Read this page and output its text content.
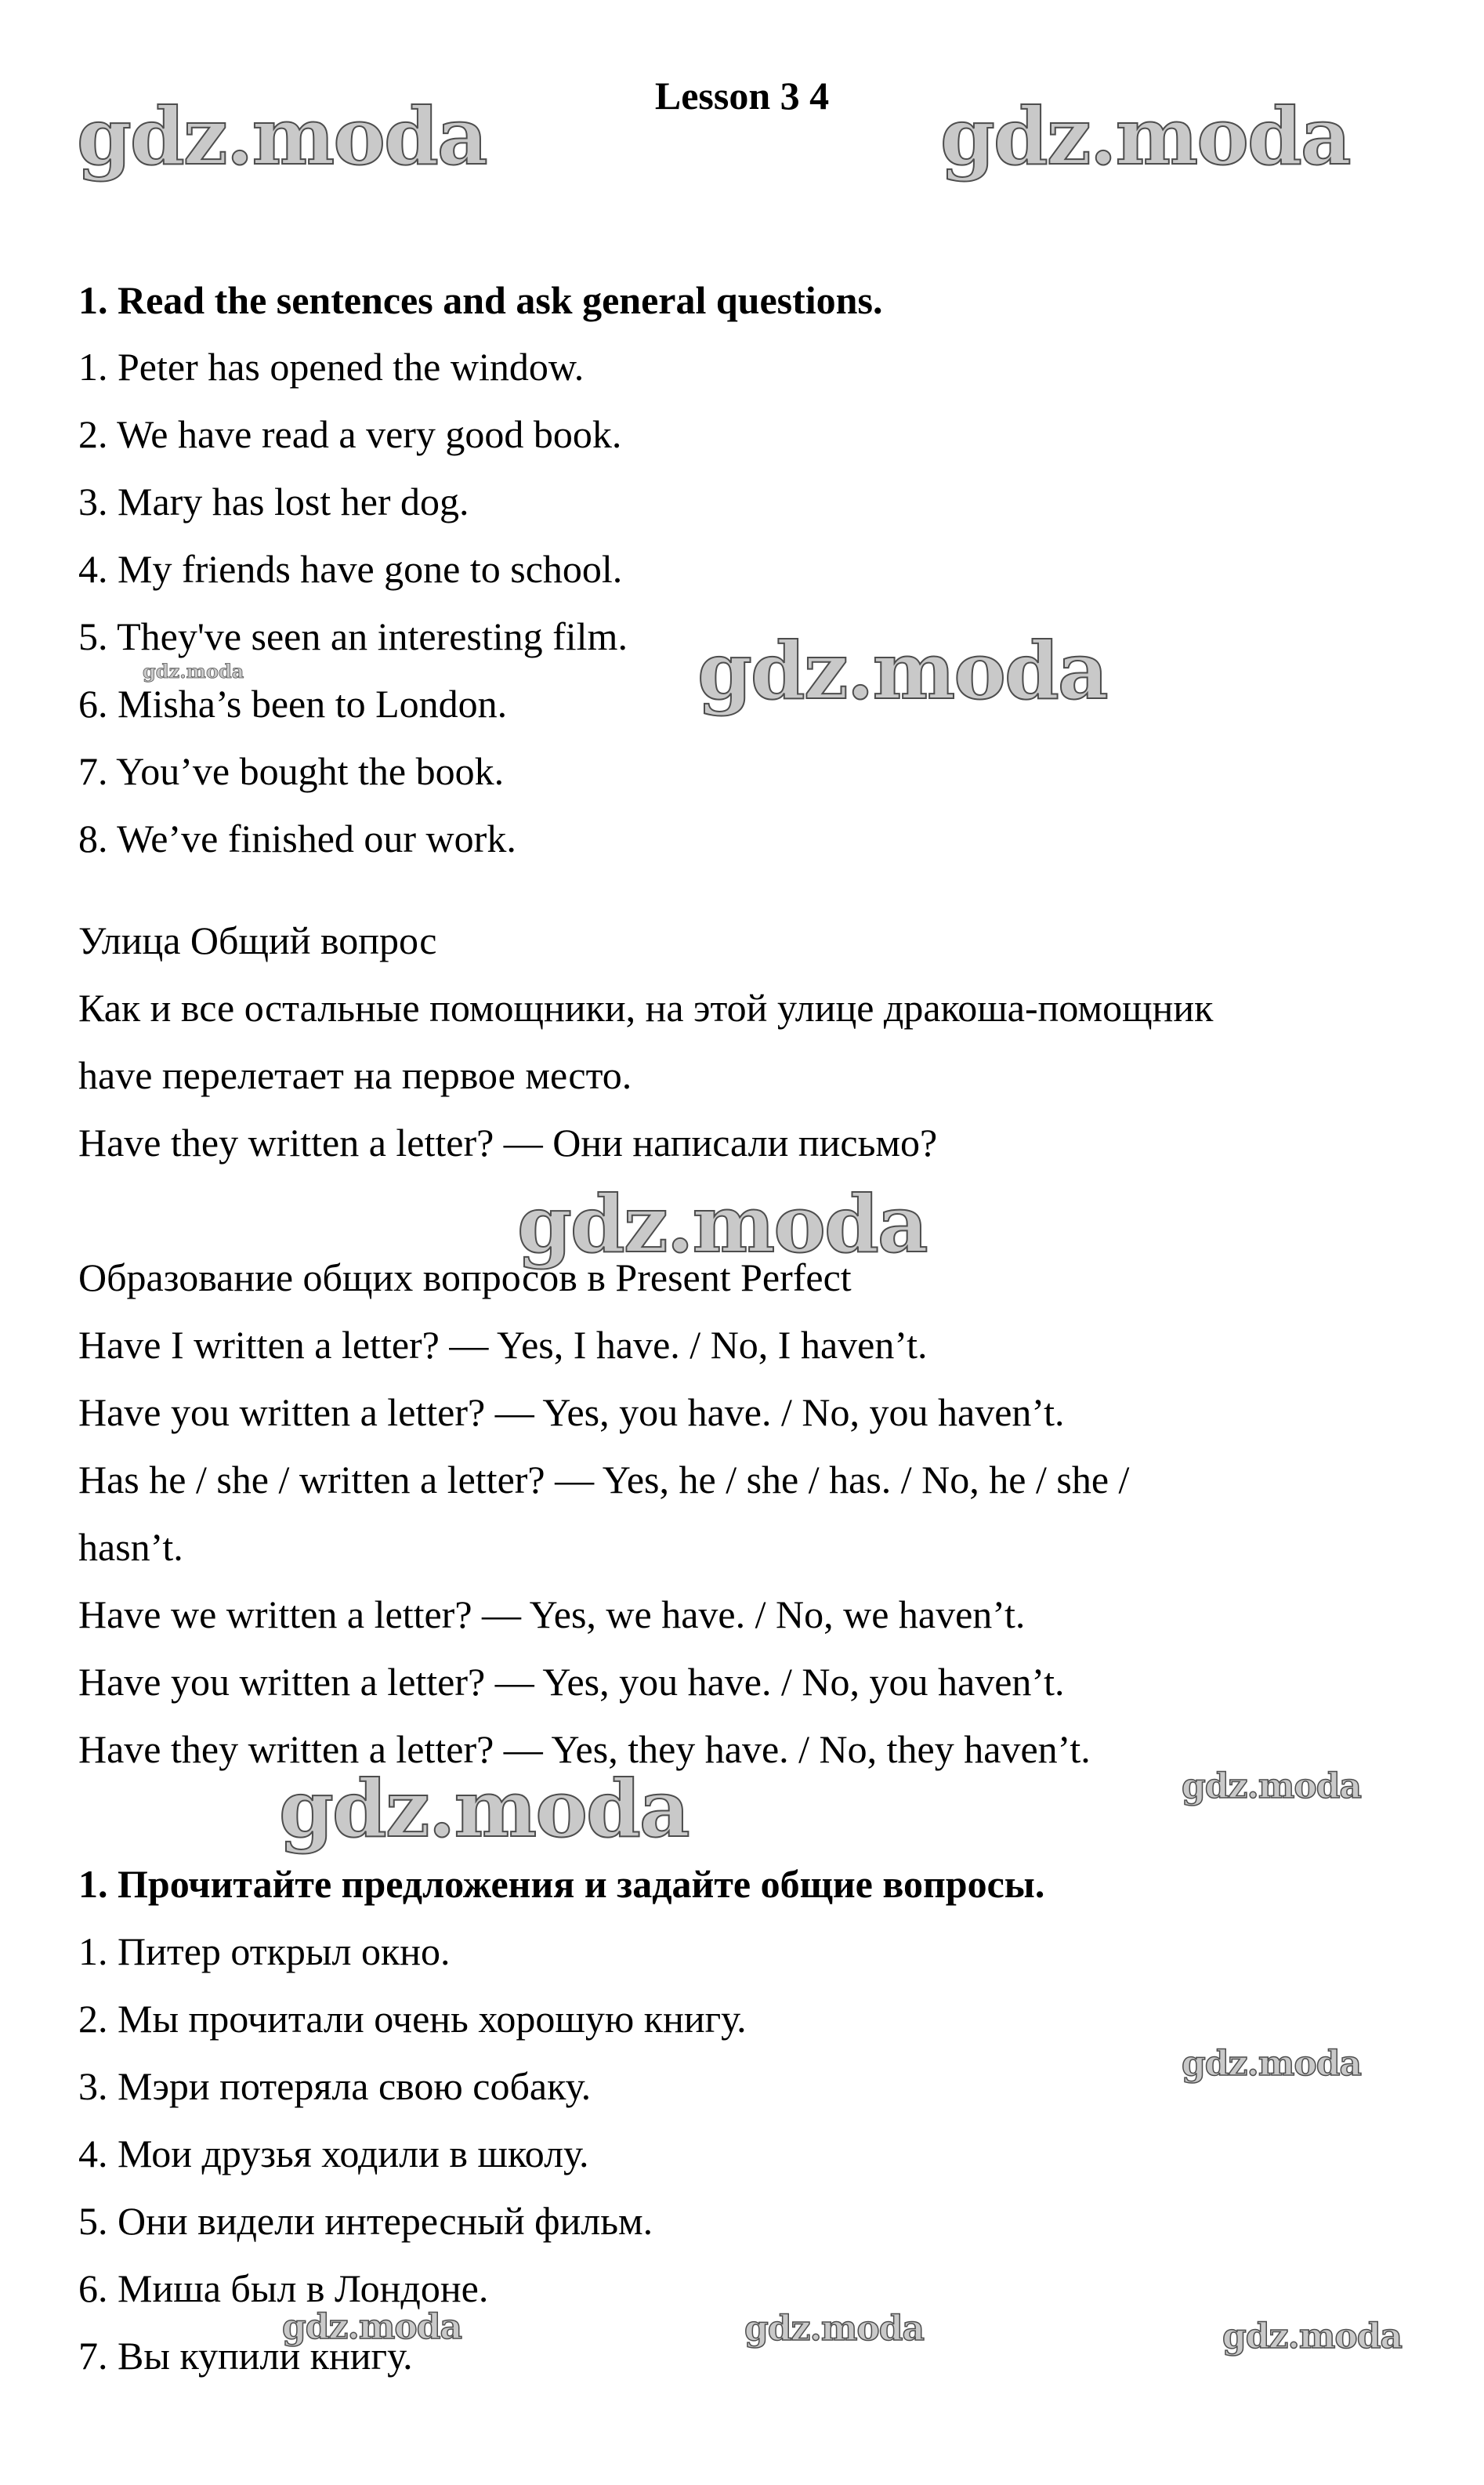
Lesson 3 4
gdz.moda	gdz.moda
gdz.moda
gdz.moda
gdz.moda
gdz.moda	gdz.moda
gdz.moda
gdz.moda	gdz.moda
gdz.moda
1. Read the sentences and ask general questions.
1. Peter has opened the window.
2. We have read a very good book.
3. Mary has lost her dog.
4. My friends have gone to school.
5. They've seen an interesting film.
6. Misha’s been to London.
7. You’ve bought the book.
8. We’ve finished our work.
Улица Общий вопрос
Как и все остальные помощники, на этой улице дракоша-помощник
have перелетает на первое место.
Have they written a letter? — Они написали письмо?
Образование общих вопросов в Present Perfect
Have I written a letter? — Yes, I have. / No, I haven’t.
Have you written a letter? — Yes, you have. / No, you haven’t.
Has he / she / written a letter? — Yes, he / she / has. / No, he / she /
hasn’t.
Have we written a letter? — Yes, we have. / No, we haven’t.
Have you written a letter? — Yes, you have. / No, you haven’t.
Have they written a letter? — Yes, they have. / No, they haven’t.
1. Прочитайте предложения и задайте общие вопросы.
1. Питер открыл окно.
2. Мы прочитали очень хорошую книгу.
3. Мэри потеряла свою собаку.
4. Мои друзья ходили в школу.
5. Они видели интересный фильм.
6. Миша был в Лондоне.
7. Вы купили книгу.
